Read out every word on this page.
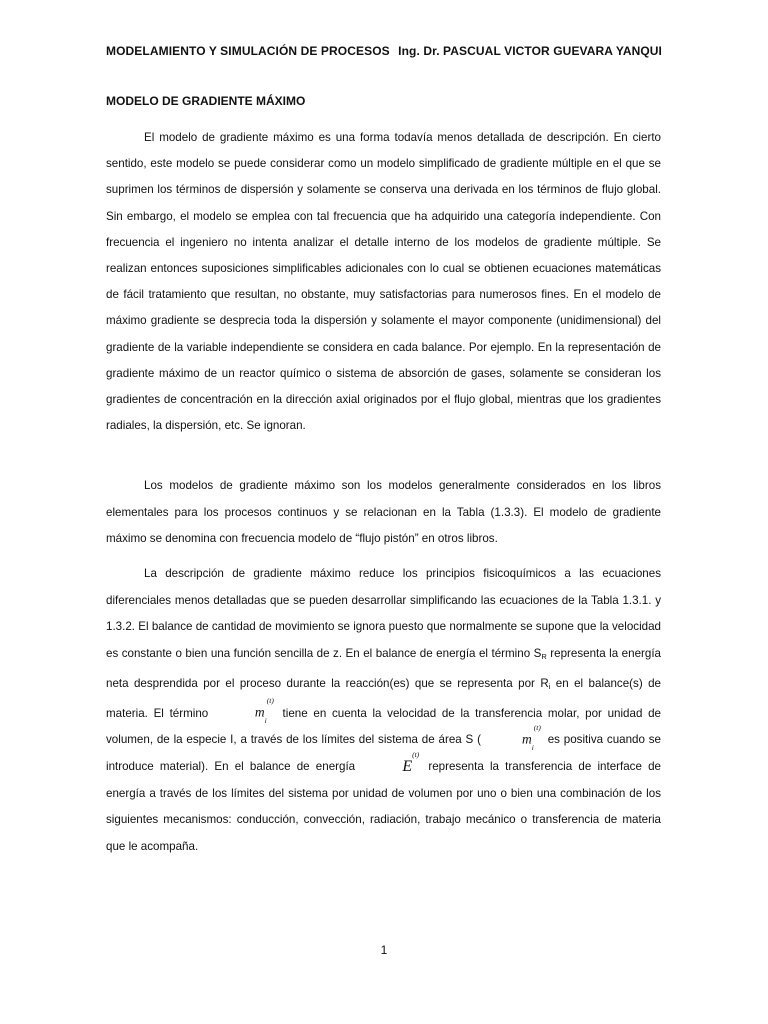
MODELAMIENTO Y SIMULACIÓN DE PROCESOS Ing. Dr. PASCUAL VICTOR GUEVARA YANQUI
MODELO DE GRADIENTE MÁXIMO

El modelo de gradiente máximo es una forma todavía menos detallada de descripción. En cierto sentido, este modelo se puede considerar como un modelo simplificado de gradiente múltiple en el que se suprimen los términos de dispersión y solamente se conserva una derivada en los términos de flujo global. Sin embargo, el modelo se emplea con tal frecuencia que ha adquirido una categoría independiente. Con frecuencia el ingeniero no intenta analizar el detalle interno de los modelos de gradiente múltiple. Se realizan entonces suposiciones simplificables adicionales con lo cual se obtienen ecuaciones matemáticas de fácil tratamiento que resultan, no obstante, muy satisfactorias para numerosos fines. En el modelo de máximo gradiente se desprecia toda la dispersión y solamente el mayor componente (unidimensional) del gradiente de la variable independiente se considera en cada balance. Por ejemplo. En la representación de gradiente máximo de un reactor químico o sistema de absorción de gases, solamente se consideran los gradientes de concentración en la dirección axial originados por el flujo global, mientras que los gradientes radiales, la dispersión, etc. Se ignoran.

Los modelos de gradiente máximo son los modelos generalmente considerados en los libros elementales para los procesos continuos y se relacionan en la Tabla (1.3.3). El modelo de gradiente máximo se denomina con frecuencia modelo de “flujo pistón” en otros libros.

La descripción de gradiente máximo reduce los principios fisicoquímicos a las ecuaciones diferenciales menos detalladas que se pueden desarrollar simplificando las ecuaciones de la Tabla 1.3.1. y 1.3.2. El balance de cantidad de movimiento se ignora puesto que normalmente se supone que la velocidad es constante o bien una función sencilla de z. En el balance de energía el término SR representa la energía neta desprendida por el proceso durante la reacción(es) que se representa por Ri en el balance(s) de materia. El término	$m_i^{(t)}$ tiene en cuenta la velocidad de la transferencia molar, por unidad de volumen, de la especie I, a través de los límites del sistema de área S (	$m_i^{(t)}$ es positiva cuando se introduce material). En el balance de energía	$E^{(t)}$ representa la transferencia de interface de energía a través de los límites del sistema por unidad de volumen por uno o bien una combinación de los siguientes mecanismos: conducción, convección, radiación, trabajo mecánico o transferencia de materia que le acompaña.

1
